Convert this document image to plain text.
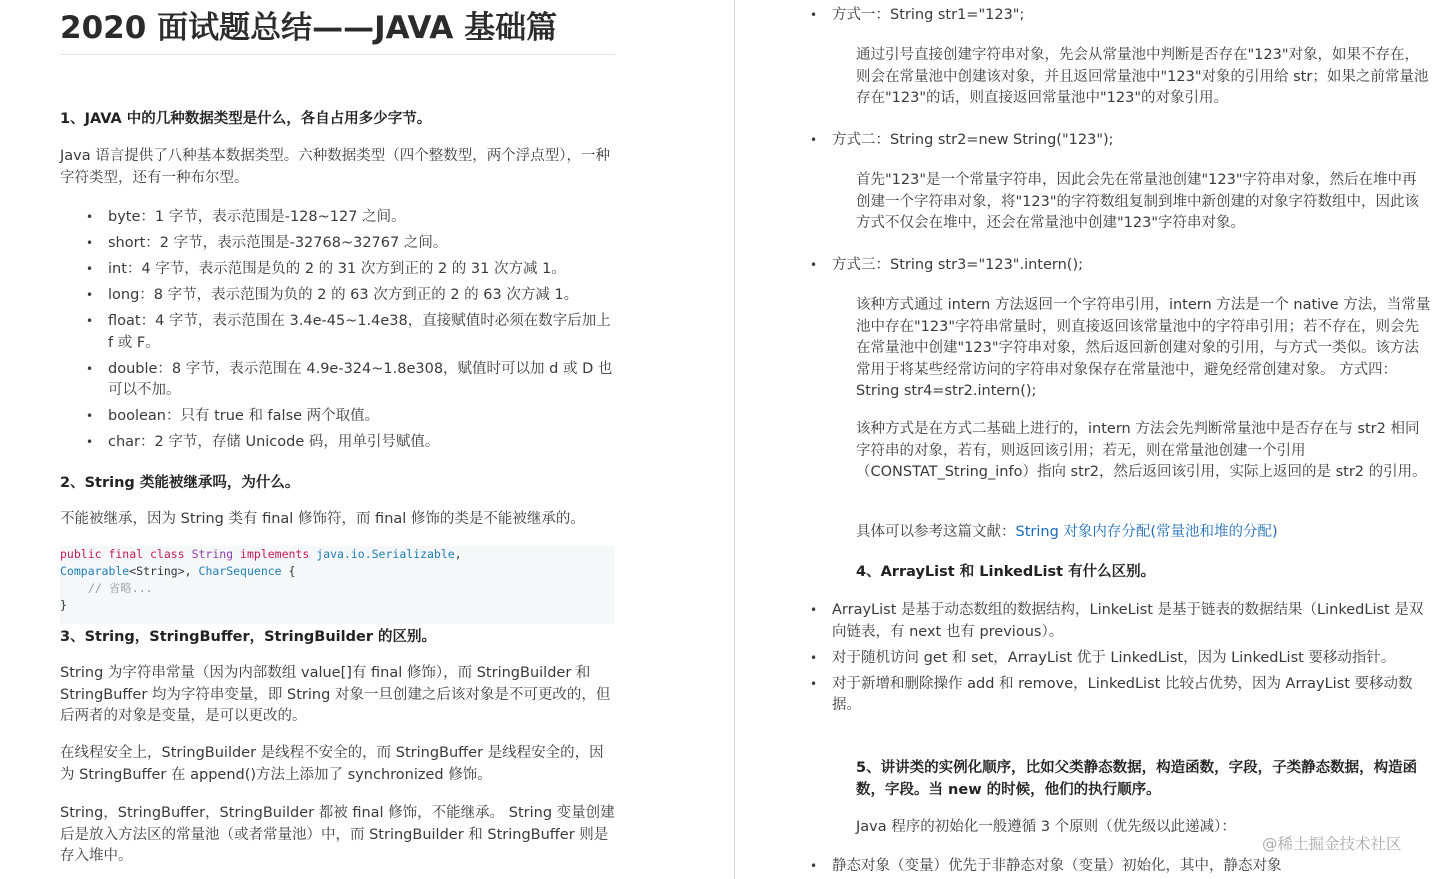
2020 面试题总结——JAVA 基础篇

1、JAVA 中的几种数据类型是什么，各自占用多少字节。

Java 语言提供了八种基本数据类型。六种数据类型（四个整数型，两个浮点型），一种字符类型，还有一种布尔型。

• byte：1 字节，表示范围是-128~127 之间。
• short：2 字节，表示范围是-32768~32767 之间。
• int：4 字节，表示范围是负的 2 的 31 次方到正的 2 的 31 次方减 1。
• long：8 字节，表示范围为负的 2 的 63 次方到正的 2 的 63 次方减 1。
• float：4 字节，表示范围在 3.4e-45~1.4e38，直接赋值时必须在数字后加上 f 或 F。
• double：8 字节，表示范围在 4.9e-324~1.8e308，赋值时可以加 d 或 D 也可以不加。
• boolean：只有 true 和 false 两个取值。
• char：2 字节，存储 Unicode 码，用单引号赋值。

2、String 类能被继承吗，为什么。

不能被继承，因为 String 类有 final 修饰符，而 final 修饰的类是不能被继承的。

public final class String implements java.io.Serializable,
Comparable<String>, CharSequence {
// 省略...
}

3、String，StringBuffer，StringBuilder 的区别。

String 为字符串常量（因为内部数组 value[]有 final 修饰），而 StringBuilder 和 StringBuffer 均为字符串变量，即 String 对象一旦创建之后该对象是不可更改的，但后两者的对象是变量，是可以更改的。

在线程安全上，StringBuilder 是线程不安全的，而 StringBuffer 是线程安全的，因为 StringBuffer 在 append()方法上添加了 synchronized 修饰。

String，StringBuffer，StringBuilder 都被 final 修饰，不能继承。 String 变量创建后是放入方法区的常量池（或者常量池）中，而 StringBuilder 和 StringBuffer 则是存入堆中。

• 方式一：String str1="123";

通过引号直接创建字符串对象，先会从常量池中判断是否存在"123"对象，如果不存在，则会在常量池中创建该对象，并且返回常量池中"123"对象的引用给 str；如果之前常量池存在"123"的话，则直接返回常量池中"123"的对象引用。

• 方式二：String str2=new String("123");

首先"123"是一个常量字符串，因此会先在常量池创建"123"字符串对象，然后在堆中再创建一个字符串对象，将"123"的字符数组复制到堆中新创建的对象字符数组中，因此该方式不仅会在堆中，还会在常量池中创建"123"字符串对象。

• 方式三：String str3="123".intern();

该种方式通过 intern 方法返回一个字符串引用，intern 方法是一个 native 方法，当常量池中存在"123"字符串常量时，则直接返回该常量池中的字符串引用；若不存在，则会先在常量池中创建"123"字符串对象，然后返回新创建对象的引用，与方式一类似。该方法常用于将某些经常访问的字符串对象保存在常量池中，避免经常创建对象。 方式四：String str4=str2.intern();

该种方式是在方式二基础上进行的，intern 方法会先判断常量池中是否存在与 str2 相同字符串的对象，若有，则返回该引用；若无，则在常量池创建一个引用（CONSTAT_String_info）指向 str2，然后返回该引用，实际上返回的是 str2 的引用。

具体可以参考这篇文献：String 对象内存分配(常量池和堆的分配)

4、ArrayList 和 LinkedList 有什么区别。

• ArrayList 是基于动态数组的数据结构，LinkeList 是基于链表的数据结果（LinkedList 是双向链表，有 next 也有 previous）。
• 对于随机访问 get 和 set，ArrayList 优于 LinkedList，因为 LinkedList 要移动指针。
• 对于新增和删除操作 add 和 remove，LinkedList 比较占优势，因为 ArrayList 要移动数据。

5、讲讲类的实例化顺序，比如父类静态数据，构造函数，字段，子类静态数据，构造函数，字段。当 new 的时候，他们的执行顺序。

Java 程序的初始化一般遵循 3 个原则（优先级以此递减）：

• 静态对象（变量）优先于非静态对象（变量）初始化，其中，静态对象
@稀土掘金技术社区
